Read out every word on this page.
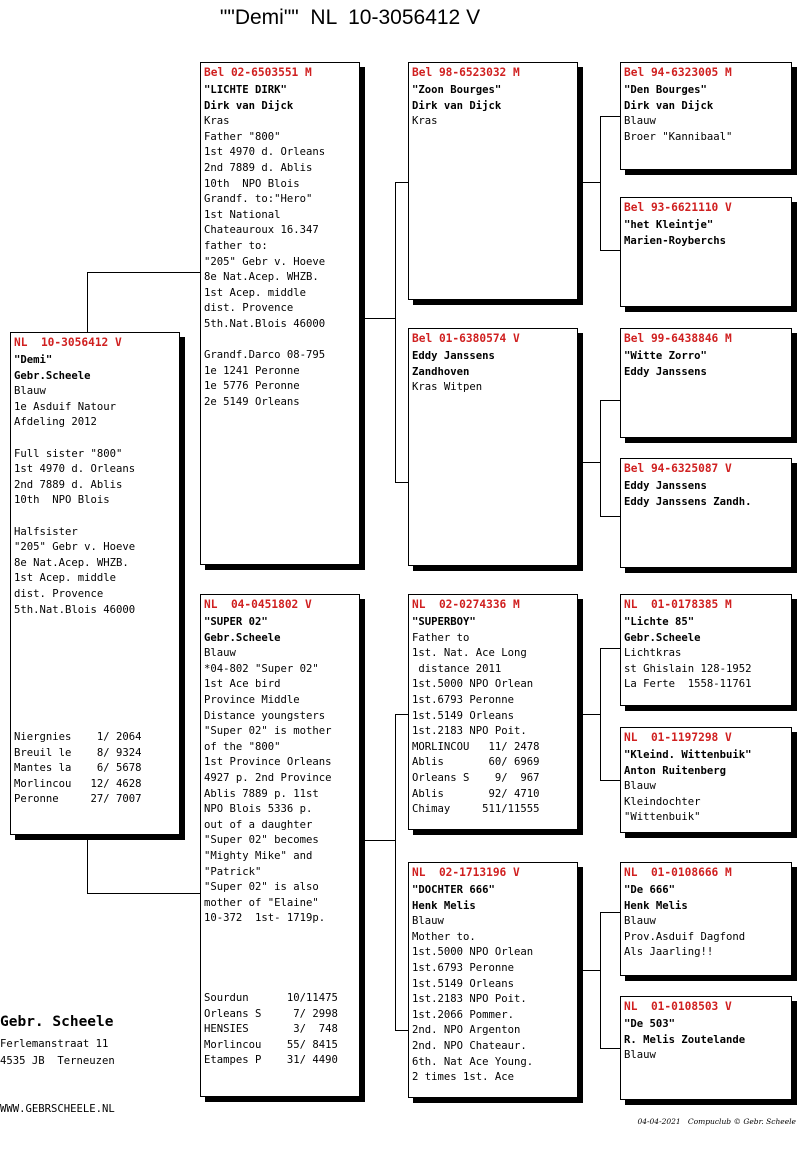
""Demi""  NL  10-3056412 V
NL  10-3056412 V
"Demi"
Gebr.Scheele
Blauw
1e Asduif Natour
Afdeling 2012
Full sister "800"
1st 4970 d. Orleans
2nd 7889 d. Ablis
10th  NPO Blois
Halfsister
"205" Gebr v. Hoeve
8e Nat.Acep. WHZB.
1st Acep. middle
dist. Provence
5th.Nat.Blois 46000
Niergnies    1/ 2064
Breuil le    8/ 9324
Mantes la    6/ 5678
Morlincou   12/ 4628
Peronne     27/ 7007
Bel 02-6503551 M
"LICHTE DIRK"
Dirk van Dijck
Kras
Father "800"
1st 4970 d. Orleans
2nd 7889 d. Ablis
10th  NPO Blois
Grandf. to:"Hero"
1st National
Chateauroux 16.347
father to:
"205" Gebr v. Hoeve
8e Nat.Acep. WHZB.
1st Acep. middle
dist. Provence
5th.Nat.Blois 46000
Grandf.Darco 08-795
1e 1241 Peronne
1e 5776 Peronne
2e 5149 Orleans
NL  04-0451802 V
"SUPER 02"
Gebr.Scheele
Blauw
*04-802 "Super 02"
1st Ace bird
Province Middle
Distance youngsters
"Super 02" is mother
of the "800"
1st Province Orleans
4927 p. 2nd Province
Ablis 7889 p. 11st
NPO Blois 5336 p.
out of a daughter
"Super 02" becomes
"Mighty Mike" and
"Patrick"
"Super 02" is also
mother of "Elaine"
10-372  1st- 1719p.
Sourdun      10/11475
Orleans S     7/ 2998
HENSIES       3/  748
Morlincou    55/ 8415
Etampes P    31/ 4490
Bel 98-6523032 M
"Zoon Bourges"
Dirk van Dijck
Kras
Bel 01-6380574 V
Eddy Janssens
Zandhoven
Kras Witpen
NL  02-0274336 M
"SUPERBOY"
Father to
1st. Nat. Ace Long
distance 2011
1st.5000 NPO Orlean
1st.6793 Peronne
1st.5149 Orleans
1st.2183 NPO Poit.
MORLINCOU   11/ 2478
Ablis       60/ 6969
Orleans S    9/  967
Ablis       92/ 4710
Chimay     511/11555
NL  02-1713196 V
"DOCHTER 666"
Henk Melis
Blauw
Mother to.
1st.5000 NPO Orlean
1st.6793 Peronne
1st.5149 Orleans
1st.2183 NPO Poit.
1st.2066 Pommer.
2nd. NPO Argenton
2nd. NPO Chateaur.
6th. Nat Ace Young.
2 times 1st. Ace
Bel 94-6323005 M
"Den Bourges"
Dirk van Dijck
Blauw
Broer "Kannibaal"
Bel 93-6621110 V
"het Kleintje"
Marien-Royberchs
Bel 99-6438846 M
"Witte Zorro"
Eddy Janssens
Bel 94-6325087 V
Eddy Janssens
Eddy Janssens Zandh.
NL  01-0178385 M
"Lichte 85"
Gebr.Scheele
Lichtkras
st Ghislain 128-1952
La Ferte  1558-11761
NL  01-1197298 V
"Kleind. Wittenbuik"
Anton Ruitenberg
Blauw
Kleindochter
"Wittenbuik"
NL  01-0108666 M
"De 666"
Henk Melis
Blauw
Prov.Asduif Dagfond
Als Jaarling!!
NL  01-0108503 V
"De 503"
R. Melis Zoutelande
Blauw
Gebr. Scheele
Ferlemanstraat 11
4535 JB  Terneuzen
WWW.GEBRSCHEELE.NL
04-04-2021   Compuclub © Gebr. Scheele
